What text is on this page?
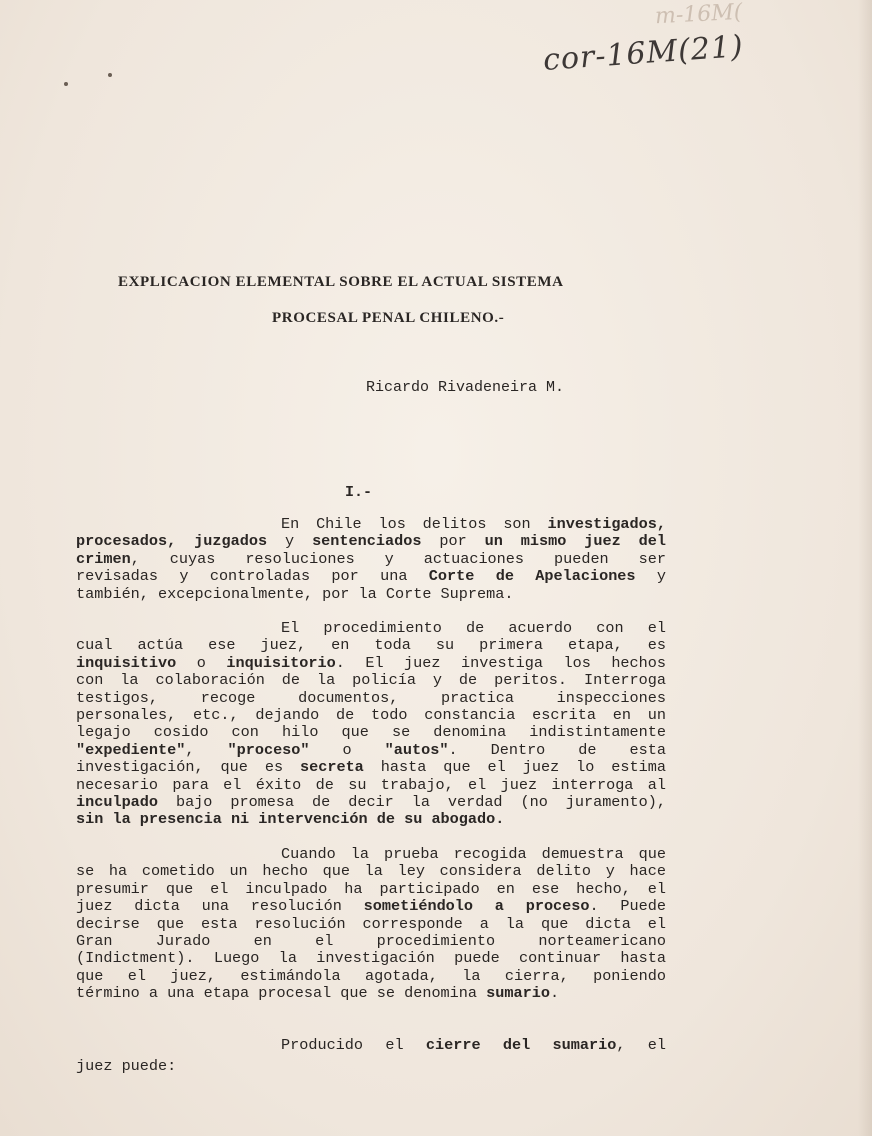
m-16M(
cor-16M(21)
EXPLICACION ELEMENTAL SOBRE EL ACTUAL SISTEMA
PROCESAL PENAL CHILENO.-
Ricardo Rivadeneira M.
I.-
En Chile los delitos son investigados,
procesados, juzgados y sentenciados por un mismo juez del
crimen, cuyas resoluciones y actuaciones pueden ser
revisadas y controladas por una Corte de Apelaciones y
también, excepcionalmente, por la Corte Suprema.
El procedimiento de acuerdo con el
cual actúa ese juez, en toda su primera etapa, es
inquisitivo o inquisitorio. El juez investiga los hechos
con la colaboración de la policía y de peritos. Interroga
testigos, recoge documentos, practica inspecciones
personales, etc., dejando de todo constancia escrita en un
legajo cosido con hilo que se denomina indistintamente
"expediente", "proceso" o "autos". Dentro de esta
investigación, que es secreta hasta que el juez lo estima
necesario para el éxito de su trabajo, el juez interroga al
inculpado bajo promesa de decir la verdad (no juramento),
sin la presencia ni intervención de su abogado.
Cuando la prueba recogida demuestra que
se ha cometido un hecho que la ley considera delito y hace
presumir que el inculpado ha participado en ese hecho, el
juez dicta una resolución sometiéndolo a proceso. Puede
decirse que esta resolución corresponde a la que dicta el
Gran Jurado en el procedimiento norteamericano
(Indictment). Luego la investigación puede continuar hasta
que el juez, estimándola agotada, la cierra, poniendo
término a una etapa procesal que se denomina sumario.
Producido el cierre del sumario, el
juez puede:
